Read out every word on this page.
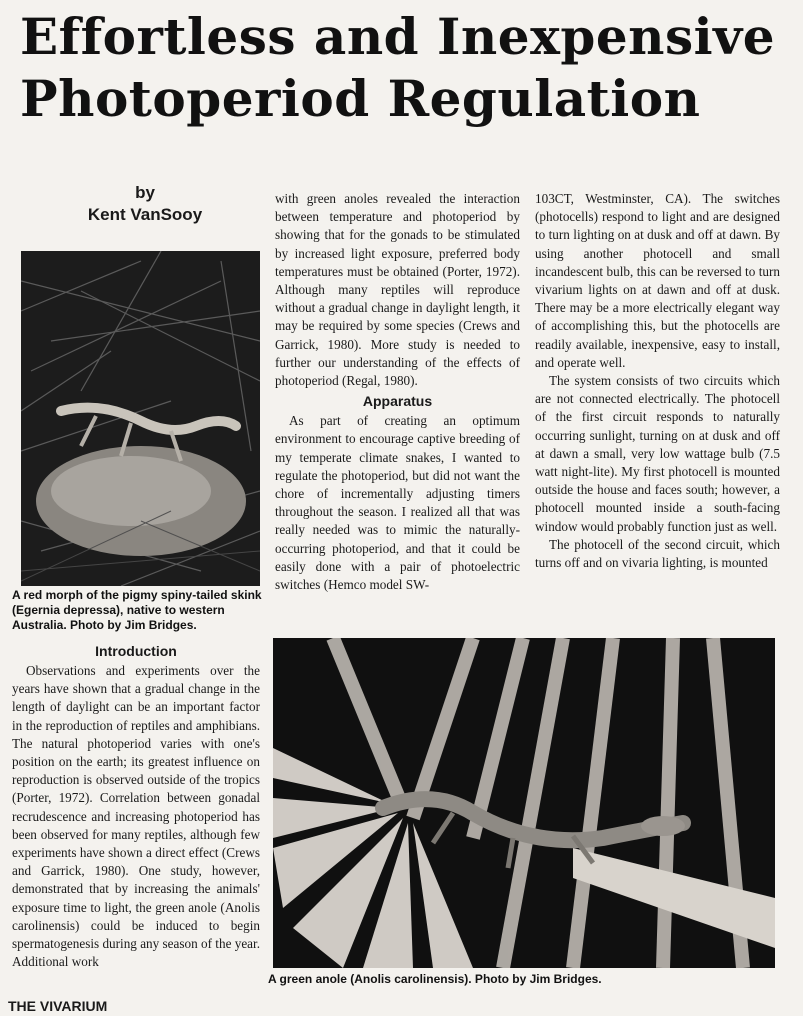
Effortless and Inexpensive
Photoperiod Regulation
by
Kent VanSooy
A red morph of the pigmy spiny-tailed skink (Egernia depressa), native to western Australia. Photo by Jim Bridges.
Introduction

Observations and experiments over the years have shown that a gradual change in the length of daylight can be an important factor in the reproduction of reptiles and amphibians. The natural photoperiod varies with one's position on the earth; its greatest influence on reproduction is observed outside of the tropics (Porter, 1972). Correlation between gonadal recrudescence and increasing photoperiod has been observed for many reptiles, although few experiments have shown a direct effect (Crews and Garrick, 1980). One study, however, demonstrated that by increasing the animals' exposure time to light, the green anole (Anolis carolinensis) could be induced to begin spermatogenesis during any season of the year. Additional work

with green anoles revealed the interaction between temperature and photoperiod by showing that for the gonads to be stimulated by increased light exposure, preferred body temperatures must be obtained (Porter, 1972). Although many reptiles will reproduce without a gradual change in daylight length, it may be required by some species (Crews and Garrick, 1980). More study is needed to further our understanding of the effects of photoperiod (Regal, 1980).

Apparatus

As part of creating an optimum environment to encourage captive breeding of my temperate climate snakes, I wanted to regulate the photoperiod, but did not want the chore of incrementally adjusting timers throughout the season. I realized all that was really needed was to mimic the naturally-occurring photoperiod, and that it could be easily done with a pair of photoelectric switches (Hemco model SW-

103CT, Westminster, CA). The switches (photocells) respond to light and are designed to turn lighting on at dusk and off at dawn. By using another photocell and small incandescent bulb, this can be reversed to turn vivarium lights on at dawn and off at dusk. There may be a more electrically elegant way of accomplishing this, but the photocells are readily available, inexpensive, easy to install, and operate well.

The system consists of two circuits which are not connected electrically. The photocell of the first circuit responds to naturally occurring sunlight, turning on at dusk and off at dawn a small, very low wattage bulb (7.5 watt night-lite). My first photocell is mounted outside the house and faces south; however, a photocell mounted inside a south-facing window would probably function just as well.

The photocell of the second circuit, which turns off and on vivaria lighting, is mounted

A green anole (Anolis carolinensis). Photo by Jim Bridges.
THE VIVARIUM
